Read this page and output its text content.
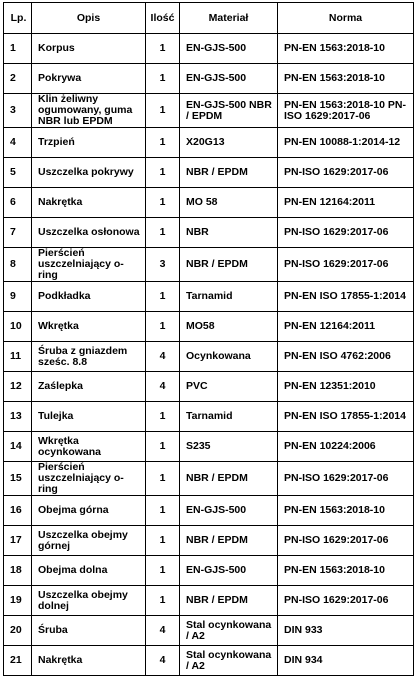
Lp.	Opis	Ilość	Materiał	Norma
1	Korpus	1	EN-GJS-500	PN-EN 1563:2018-10
2	Pokrywa	1	EN-GJS-500	PN-EN 1563:2018-10
3	Klin żeliwny ogumowany, guma NBR lub EPDM	1	EN-GJS-500 NBR / EPDM	PN-EN 1563:2018-10 PN-ISO 1629:2017-06
4	Trzpień	1	X20G13	PN-EN 10088-1:2014-12
5	Uszczelka pokrywy	1	NBR / EPDM	PN-ISO 1629:2017-06
6	Nakrętka	1	MO 58	PN-EN 12164:2011
7	Uszczelka osłonowa	1	NBR	PN-ISO 1629:2017-06
8	Pierścień uszczelniający o-ring	3	NBR / EPDM	PN-ISO 1629:2017-06
9	Podkładka	1	Tarnamid	PN-EN ISO 17855-1:2014
10	Wkrętka	1	MO58	PN-EN 12164:2011
11	Śruba z gniazdem sześc. 8.8	4	Ocynkowana	PN-EN ISO 4762:2006
12	Zaślepka	4	PVC	PN-EN 12351:2010
13	Tulejka	1	Tarnamid	PN-EN ISO 17855-1:2014
14	Wkrętka ocynkowana	1	S235	PN-EN 10224:2006
15	Pierścień uszczelniający o-ring	1	NBR / EPDM	PN-ISO 1629:2017-06
16	Obejma górna	1	EN-GJS-500	PN-EN 1563:2018-10
17	Uszczelka obejmy górnej	1	NBR / EPDM	PN-ISO 1629:2017-06
18	Obejma dolna	1	EN-GJS-500	PN-EN 1563:2018-10
19	Uszczelka obejmy dolnej	1	NBR / EPDM	PN-ISO 1629:2017-06
20	Śruba	4	Stal ocynkowana / A2	DIN 933
21	Nakrętka	4	Stal ocynkowana / A2	DIN 934
